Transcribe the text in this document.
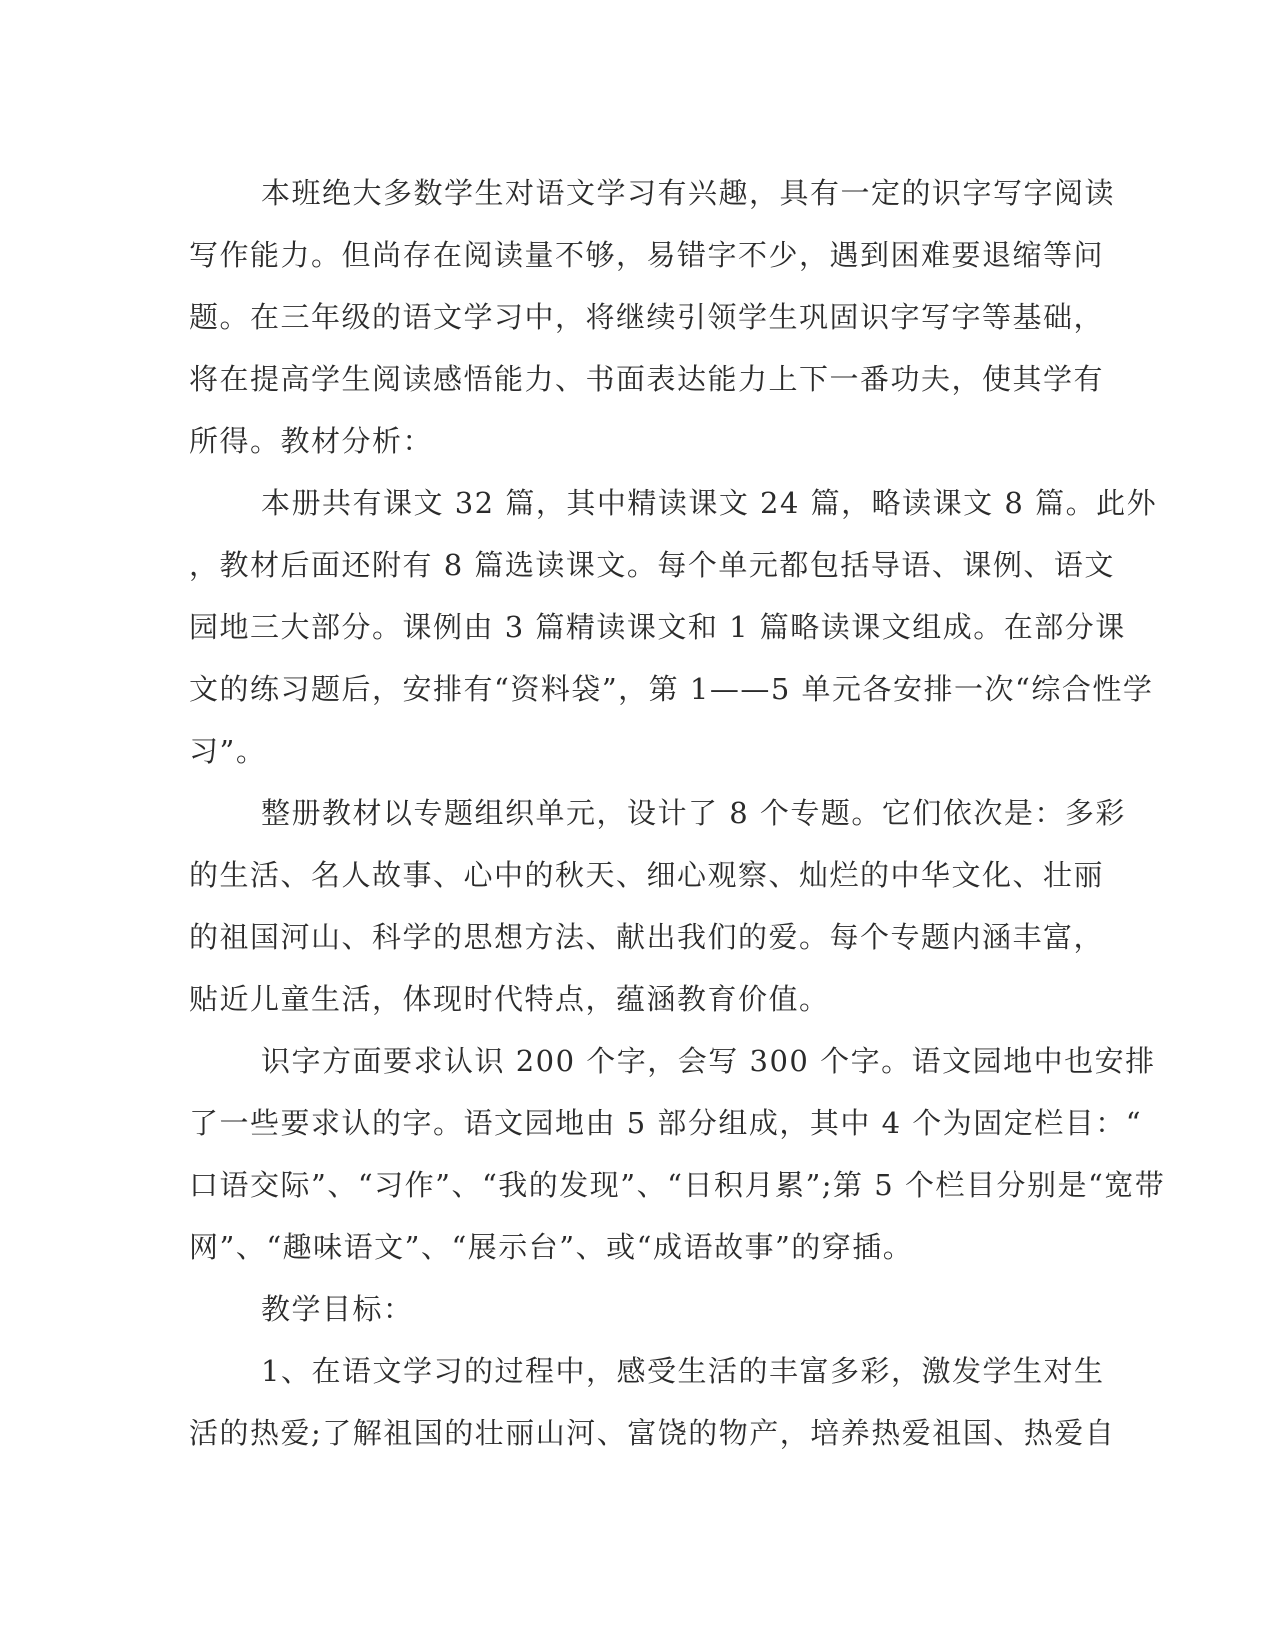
本班绝大多数学生对语文学习有兴趣，具有一定的识字写字阅读
写作能力。但尚存在阅读量不够，易错字不少，遇到困难要退缩等问
题。在三年级的语文学习中，将继续引领学生巩固识字写字等基础，
将在提高学生阅读感悟能力、书面表达能力上下一番功夫，使其学有
所得。教材分析：
本册共有课文 32 篇，其中精读课文 24 篇，略读课文 8 篇。此外
，教材后面还附有 8 篇选读课文。每个单元都包括导语、课例、语文
园地三大部分。课例由 3 篇精读课文和 1 篇略读课文组成。在部分课
文的练习题后，安排有“资料袋”，第 1——5 单元各安排一次“综合性学
习”。
整册教材以专题组织单元，设计了 8 个专题。它们依次是：多彩
的生活、名人故事、心中的秋天、细心观察、灿烂的中华文化、壮丽
的祖国河山、科学的思想方法、献出我们的爱。每个专题内涵丰富，
贴近儿童生活，体现时代特点，蕴涵教育价值。
识字方面要求认识 200 个字，会写 300 个字。语文园地中也安排
了一些要求认的字。语文园地由 5 部分组成，其中 4 个为固定栏目：“
口语交际”、“习作”、“我的发现”、“日积月累”;第 5 个栏目分别是“宽带
网”、“趣味语文”、“展示台”、或“成语故事”的穿插。
教学目标：
1、在语文学习的过程中，感受生活的丰富多彩，激发学生对生
活的热爱;了解祖国的壮丽山河、富饶的物产，培养热爱祖国、热爱自
